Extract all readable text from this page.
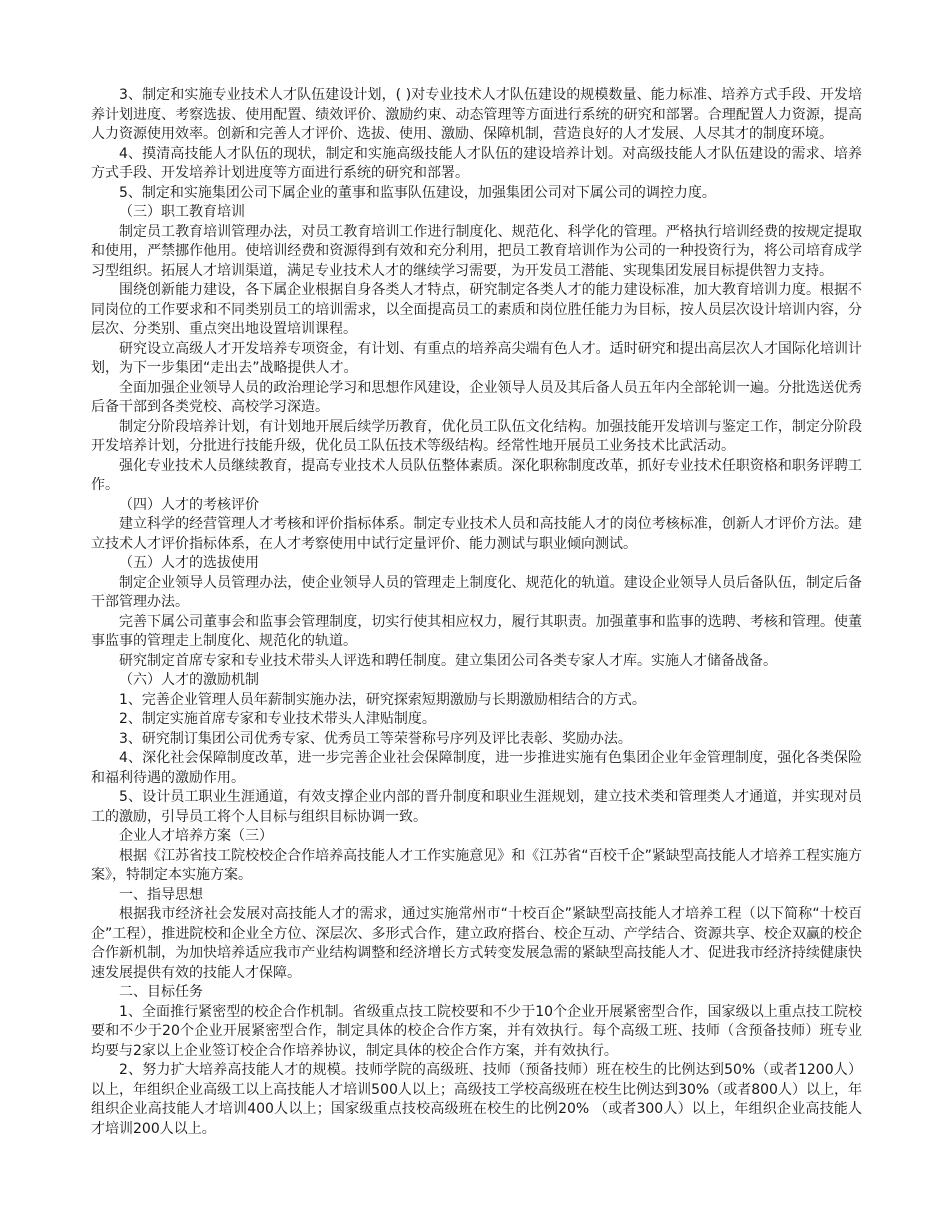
3、制定和实施专业技术人才队伍建设计划，( )对专业技术人才队伍建设的规模数量、能力标准、培养方式手段、开发培养计划进度、考察选拔、使用配置、绩效评价、激励约束、动态管理等方面进行系统的研究和部署。合理配置人力资源，提高人力资源使用效率。创新和完善人才评价、选拔、使用、激励、保障机制，营造良好的人才发展、人尽其才的制度环境。

4、摸清高技能人才队伍的现状，制定和实施高级技能人才队伍的建设培养计划。对高级技能人才队伍建设的需求、培养方式手段、开发培养计划进度等方面进行系统的研究和部署。

5、制定和实施集团公司下属企业的董事和监事队伍建设，加强集团公司对下属公司的调控力度。

（三）职工教育培训

制定员工教育培训管理办法，对员工教育培训工作进行制度化、规范化、科学化的管理。严格执行培训经费的按规定提取和使用，严禁挪作他用。使培训经费和资源得到有效和充分利用，把员工教育培训作为公司的一种投资行为，将公司培育成学习型组织。拓展人才培训渠道，满足专业技术人才的继续学习需要，为开发员工潜能、实现集团发展目标提供智力支持。

围绕创新能力建设，各下属企业根据自身各类人才特点，研究制定各类人才的能力建设标准，加大教育培训力度。根据不同岗位的工作要求和不同类别员工的培训需求，以全面提高员工的素质和岗位胜任能力为目标，按人员层次设计培训内容，分层次、分类别、重点突出地设置培训课程。

研究设立高级人才开发培养专项资金，有计划、有重点的培养高尖端有色人才。适时研究和提出高层次人才国际化培训计划，为下一步集团“走出去”战略提供人才。

全面加强企业领导人员的政治理论学习和思想作风建设，企业领导人员及其后备人员五年内全部轮训一遍。分批选送优秀后备干部到各类党校、高校学习深造。

制定分阶段培养计划，有计划地开展后续学历教育，优化员工队伍文化结构。加强技能开发培训与鉴定工作，制定分阶段开发培养计划，分批进行技能升级，优化员工队伍技术等级结构。经常性地开展员工业务技术比武活动。

强化专业技术人员继续教育，提高专业技术人员队伍整体素质。深化职称制度改革，抓好专业技术任职资格和职务评聘工作。

（四）人才的考核评价

建立科学的经营管理人才考核和评价指标体系。制定专业技术人员和高技能人才的岗位考核标准，创新人才评价方法。建立技术人才评价指标体系，在人才考察使用中试行定量评价、能力测试与职业倾向测试。

（五）人才的选拔使用

制定企业领导人员管理办法，使企业领导人员的管理走上制度化、规范化的轨道。建设企业领导人员后备队伍，制定后备干部管理办法。

完善下属公司董事会和监事会管理制度，切实行使其相应权力，履行其职责。加强董事和监事的选聘、考核和管理。使董事监事的管理走上制度化、规范化的轨道。

研究制定首席专家和专业技术带头人评选和聘任制度。建立集团公司各类专家人才库。实施人才储备战备。

（六）人才的激励机制

1、完善企业管理人员年薪制实施办法，研究探索短期激励与长期激励相结合的方式。

2、制定实施首席专家和专业技术带头人津贴制度。

3、研究制订集团公司优秀专家、优秀员工等荣誉称号序列及评比表彰、奖励办法。

4、深化社会保障制度改革，进一步完善企业社会保障制度，进一步推进实施有色集团企业年金管理制度，强化各类保险和福利待遇的激励作用。

5、设计员工职业生涯通道，有效支撑企业内部的晋升制度和职业生涯规划，建立技术类和管理类人才通道，并实现对员工的激励，引导员工将个人目标与组织目标协调一致。

企业人才培养方案（三）

根据《江苏省技工院校校企合作培养高技能人才工作实施意见》和《江苏省“百校千企”紧缺型高技能人才培养工程实施方案》，特制定本实施方案。

一、指导思想

根据我市经济社会发展对高技能人才的需求，通过实施常州市“十校百企”紧缺型高技能人才培养工程（以下简称“十校百企”工程），推进院校和企业全方位、深层次、多形式合作，建立政府搭台、校企互动、产学结合、资源共享、校企双赢的校企合作新机制，为加快培养适应我市产业结构调整和经济增长方式转变发展急需的紧缺型高技能人才、促进我市经济持续健康快速发展提供有效的技能人才保障。

二、目标任务

1、全面推行紧密型的校企合作机制。省级重点技工院校要和不少于10个企业开展紧密型合作，国家级以上重点技工院校要和不少于20个企业开展紧密型合作，制定具体的校企合作方案，并有效执行。每个高级工班、技师（含预备技师）班专业均要与2家以上企业签订校企合作培养协议，制定具体的校企合作方案，并有效执行。

2、努力扩大培养高技能人才的规模。技师学院的高级班、技师（预备技师）班在校生的比例达到50%（或者1200人）以上，年组织企业高级工以上高技能人才培训500人以上；高级技工学校高级班在校生比例达到30%（或者800人）以上，年组织企业高技能人才培训400人以上；国家级重点技校高级班在校生的比例20% （或者300人）以上，年组织企业高技能人才培训200人以上。
